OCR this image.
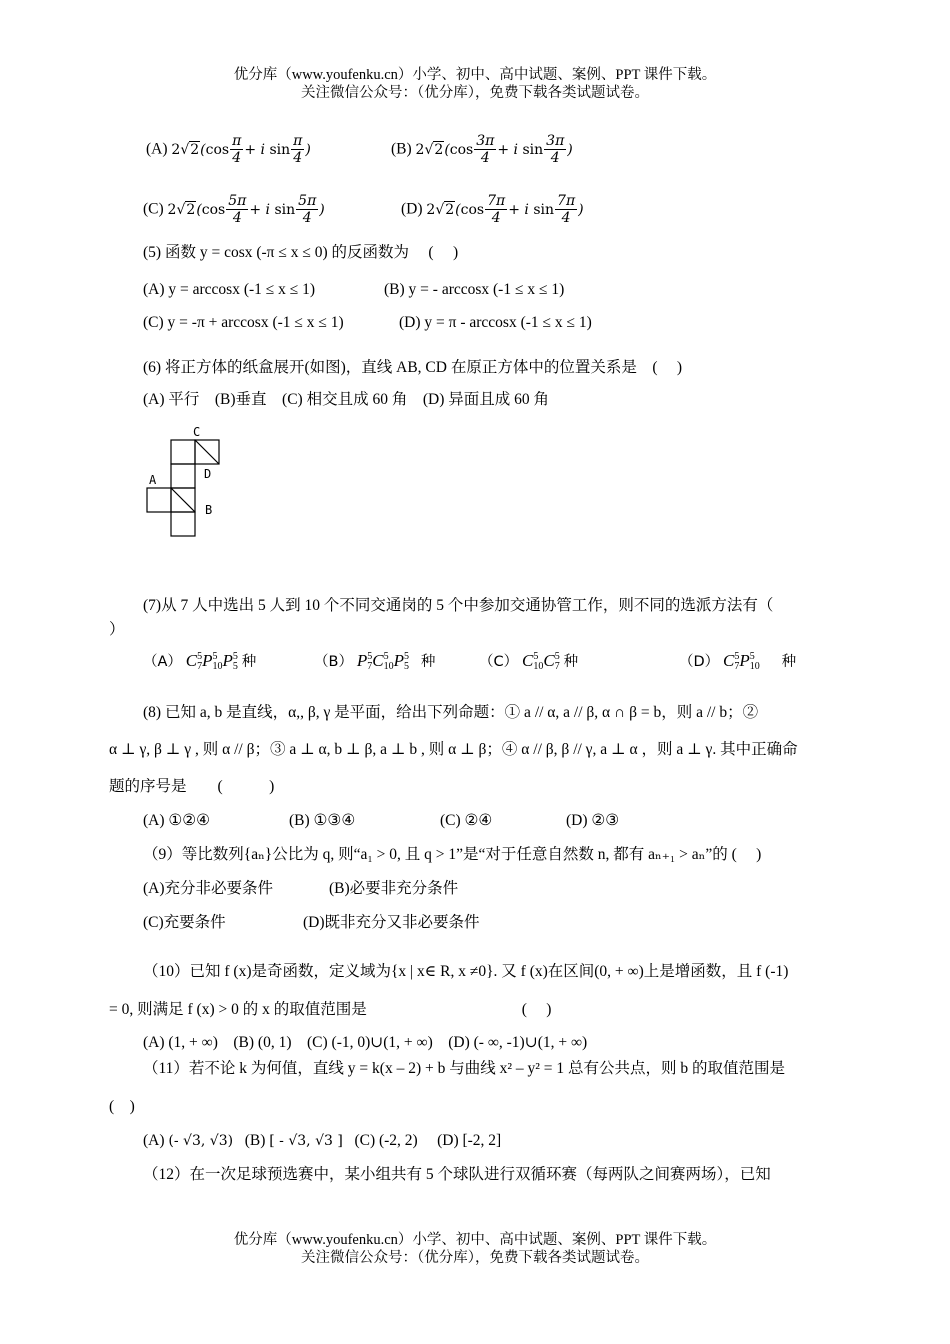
优分库（www.youfenku.cn）小学、初中、高中试题、案例、PPT 课件下载。
关注微信公众号：（优分库），免费下载各类试题试卷。
(A) $2√2(\cos \frac{\pi}{4} + i$ $\sin \frac{\pi}{4}$ )	(B) $2√2(\cos \frac{3\pi}{4} + i$ $\sin \frac{3\pi}{4}$ )
(C) $2√2(\cos \frac{5\pi}{4} + i$ $\sin \frac{5\pi}{4}$ )	(D) $2√2(\cos \frac{7\pi}{4} + i$ $\sin \frac{7\pi}{4}$ )
(5) 函数 y = cosx (-π ≤ x ≤ 0) 的反函数为　 (　 )
(A) y = arccosx (-1 ≤ x ≤ 1)	(B) y = - arccosx (-1 ≤ x ≤ 1)
(C) y = -π + arccosx (-1 ≤ x ≤ 1)	(D) y = π - arccosx (-1 ≤ x ≤ 1)
(6) 将正方体的纸盒展开(如图)，直线 AB, CD 在原正方体中的位置关系是　(　 )
(A) 平行　(B)垂直　(C) 相交且成 60 角　(D) 异面且成 60 角
C
D
A
B
(7)从 7 人中选出 5 人到 10 个不同交通岗的 5 个中参加交通协管工作，则不同的选派方法有（
）
（A） C5
7P5
10P5
5 种	（B） P5
7C5
10P5
5 种	（C） C5
10C5
7 种	（D） C5
7P5
10 种
(8) 已知 a, b 是直线，α,, β, γ 是平面，给出下列命题：① a // α, a // β, α ∩ β = b，则 a // b；②
α ⊥ γ, β ⊥ γ , 则 α // β；③ a ⊥ α, b ⊥ β, a ⊥ b , 则 α ⊥ β；④ α // β, β // γ, a ⊥ α ，则 a ⊥ γ. 其中正确命
题的序号是　　(　　　)
(A) ①②④	(B) ①③④	(C) ②④	(D) ②③
（9）等比数列{aₙ}公比为 q, 则“a₁ > 0, 且 q > 1”是“对于任意自然数 n, 都有 aₙ₊₁ > aₙ”的 (　 )
(A)充分非必要条件	(B)必要非充分条件
(C)充要条件	(D)既非充分又非必要条件
（10）已知 f (x)是奇函数，定义域为{x | x∈ R, x ≠0}. 又 f (x)在区间(0, + ∞)上是增函数，且 f (-1)
= 0, 则满足 f (x) > 0 的 x 的取值范围是　　　　　　　　　　(　 )
(A) (1, + ∞)　(B) (0, 1)　(C) (-1, 0)∪(1, + ∞)　(D) (- ∞, -1)∪(1, + ∞)
（11）若不论 k 为何值，直线 y = k(x – 2) + b 与曲线 x² – y² = 1 总有公共点，则 b 的取值范围是
(　)
(A) (- √3, √3) (B) [ - √3, √3 ] (C) (-2, 2) (D) [-2, 2]
（12）在一次足球预选赛中，某小组共有 5 个球队进行双循环赛（每两队之间赛两场），已知
优分库（www.youfenku.cn）小学、初中、高中试题、案例、PPT 课件下载。
关注微信公众号：（优分库），免费下载各类试题试卷。
